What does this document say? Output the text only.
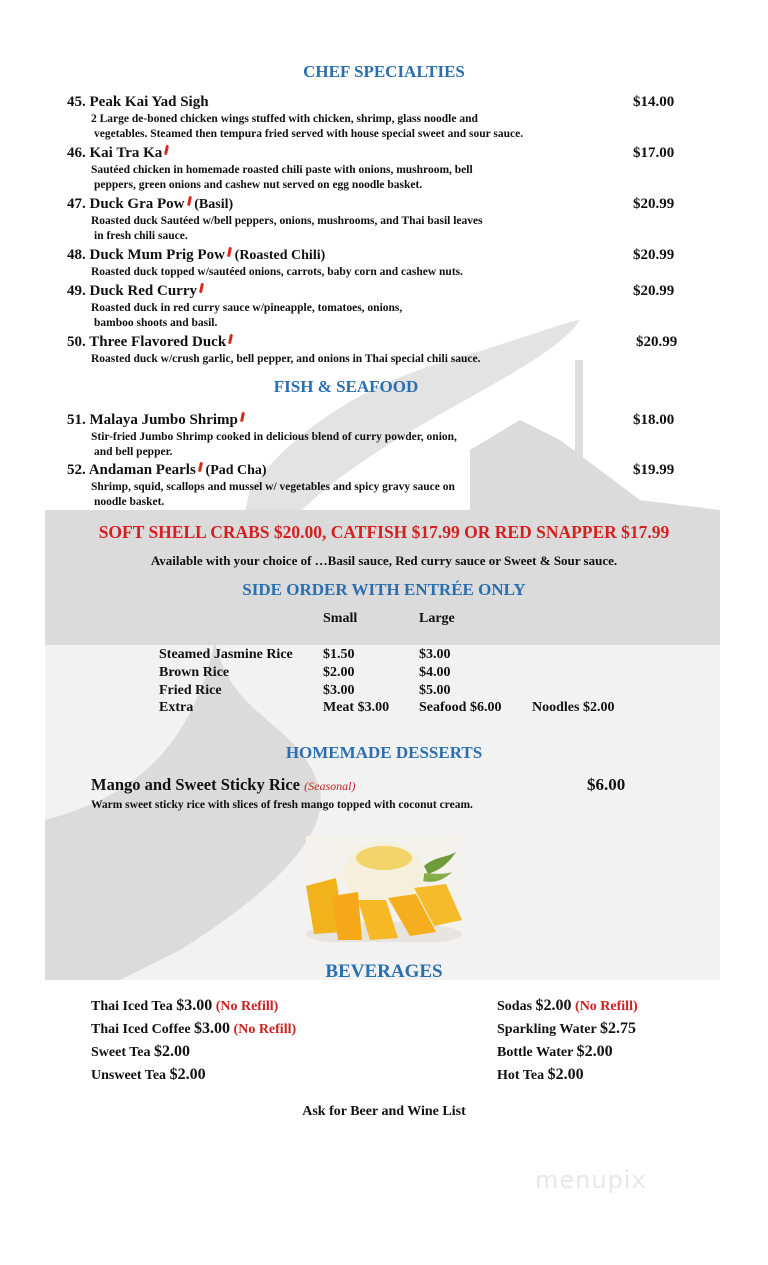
CHEF SPECIALTIES
45. Peak Kai Yad Sigh	$14.00
2 Large de-boned chicken wings stuffed with chicken, shrimp, glass noodle and
vegetables. Steamed then tempura fried served with house special sweet and sour sauce.
46. Kai Tra Ka	$17.00
Sautéed chicken in homemade roasted chili paste with onions, mushroom, bell
peppers, green onions and cashew nut served on egg noodle basket.
47. Duck Gra Pow (Basil)	$20.99
Roasted duck Sautéed w/bell peppers, onions, mushrooms, and Thai basil leaves
in fresh chili sauce.
48. Duck Mum Prig Pow (Roasted Chili)	$20.99
Roasted duck topped w/sautéed onions, carrots, baby corn and cashew nuts.
49. Duck Red Curry	$20.99
Roasted duck in red curry sauce w/pineapple, tomatoes, onions,
bamboo shoots and basil.
50. Three Flavored Duck	$20.99
Roasted duck w/crush garlic, bell pepper, and onions in Thai special chili sauce.
FISH & SEAFOOD
51. Malaya Jumbo Shrimp	$18.00
Stir-fried Jumbo Shrimp cooked in delicious blend of curry powder, onion,
and bell pepper.
52. Andaman Pearls (Pad Cha)	$19.99
Shrimp, squid, scallops and mussel w/ vegetables and spicy gravy sauce on
noodle basket.
SOFT SHELL CRABS $20.00, CATFISH $17.99 OR RED SNAPPER $17.99
Available with your choice of …Basil sauce, Red curry sauce or Sweet & Sour sauce.
SIDE ORDER WITH ENTRÉE ONLY
Small	Large
Steamed Jasmine Rice $1.50	$3.00
Brown Rice	$2.00	$4.00
Fried Rice	$3.00	$5.00
Extra	Meat $3.00 Seafood $6.00 Noodles $2.00
HOMEMADE DESSERTS
Mango and Sweet Sticky Rice (Seasonal)	$6.00
Warm sweet sticky rice with slices of fresh mango topped with coconut cream.
BEVERAGES
Thai Iced Tea $3.00 (No Refill)
Thai Iced Coffee $3.00 (No Refill)
Sweet Tea $2.00
Unsweet Tea $2.00
Sodas $2.00 (No Refill)
Sparkling Water $2.75
Bottle Water $2.00
Hot Tea $2.00
Ask for Beer and Wine List
menupix
